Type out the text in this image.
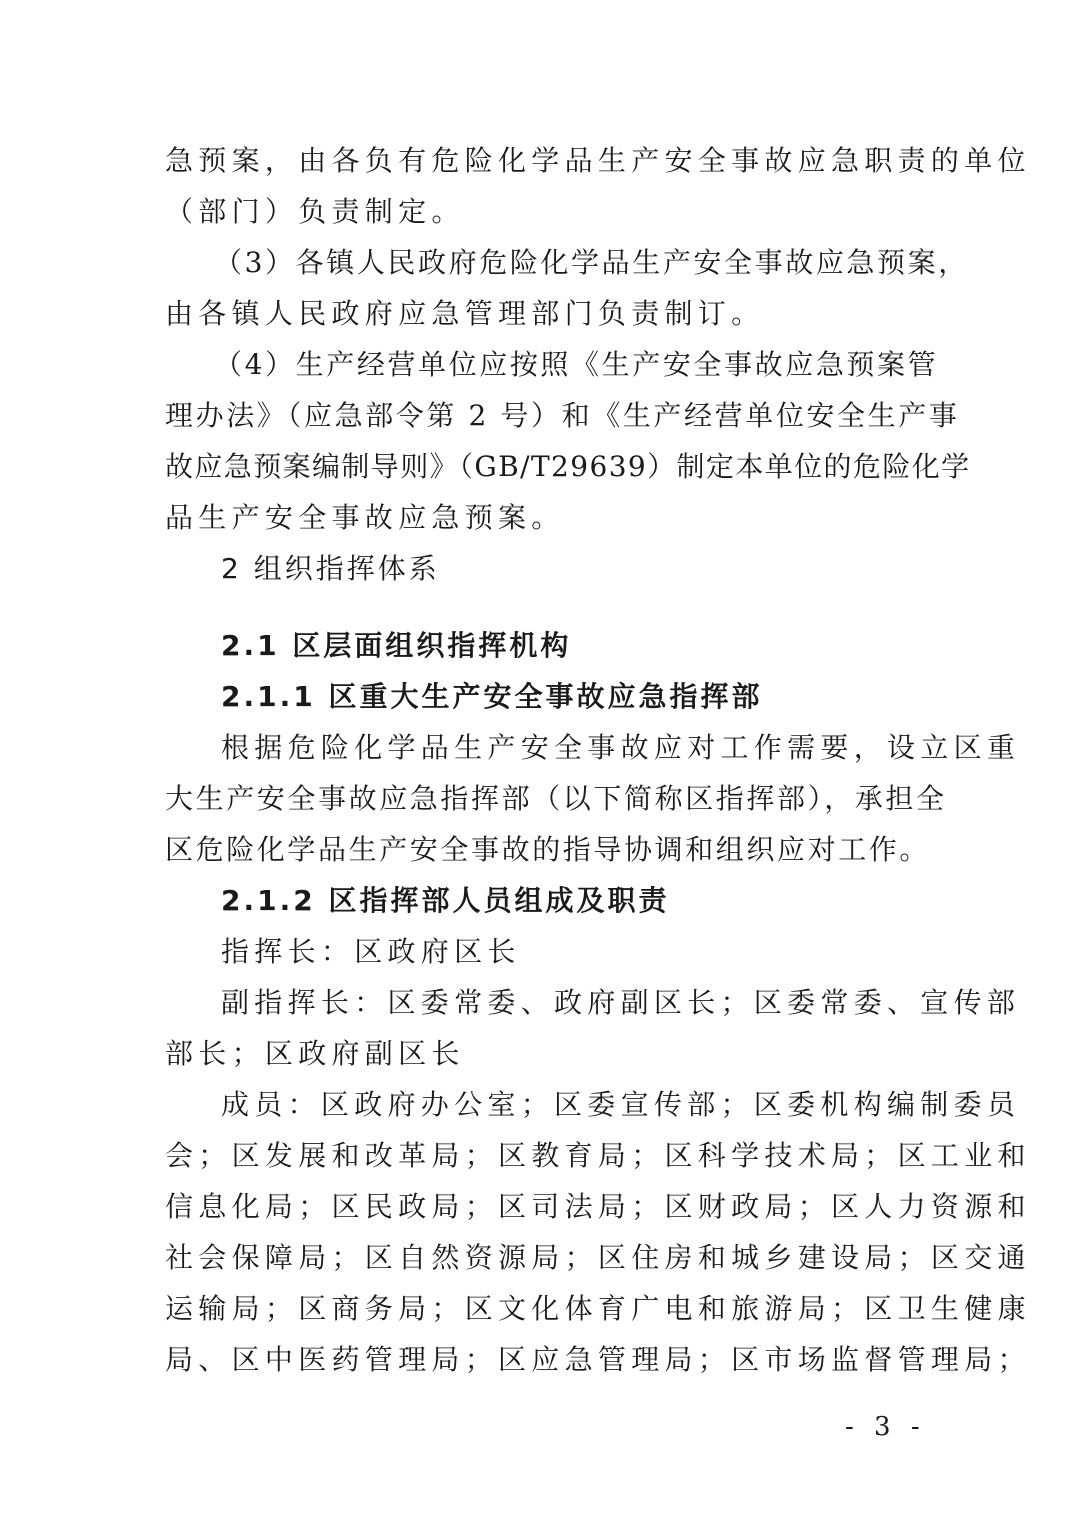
急预案，由各负有危险化学品生产安全事故应急职责的单位
（部门）负责制定。
（3）各镇人民政府危险化学品生产安全事故应急预案，
由各镇人民政府应急管理部门负责制订。
（4）生产经营单位应按照《生产安全事故应急预案管
理办法》（应急部令第 2 号）和《生产经营单位安全生产事
故应急预案编制导则》（GB/T29639）制定本单位的危险化学
品生产安全事故应急预案。
2 组织指挥体系
2.1 区层面组织指挥机构
2.1.1 区重大生产安全事故应急指挥部
根据危险化学品生产安全事故应对工作需要，设立区重
大生产安全事故应急指挥部（以下简称区指挥部），承担全
区危险化学品生产安全事故的指导协调和组织应对工作。
2.1.2 区指挥部人员组成及职责
指挥长：区政府区长
副指挥长：区委常委、政府副区长；区委常委、宣传部
部长；区政府副区长
成员：区政府办公室；区委宣传部；区委机构编制委员
会；区发展和改革局；区教育局；区科学技术局；区工业和
信息化局；区民政局；区司法局；区财政局；区人力资源和
社会保障局；区自然资源局；区住房和城乡建设局；区交通
运输局；区商务局；区文化体育广电和旅游局；区卫生健康
局、区中医药管理局；区应急管理局；区市场监督管理局；
- 3 -
